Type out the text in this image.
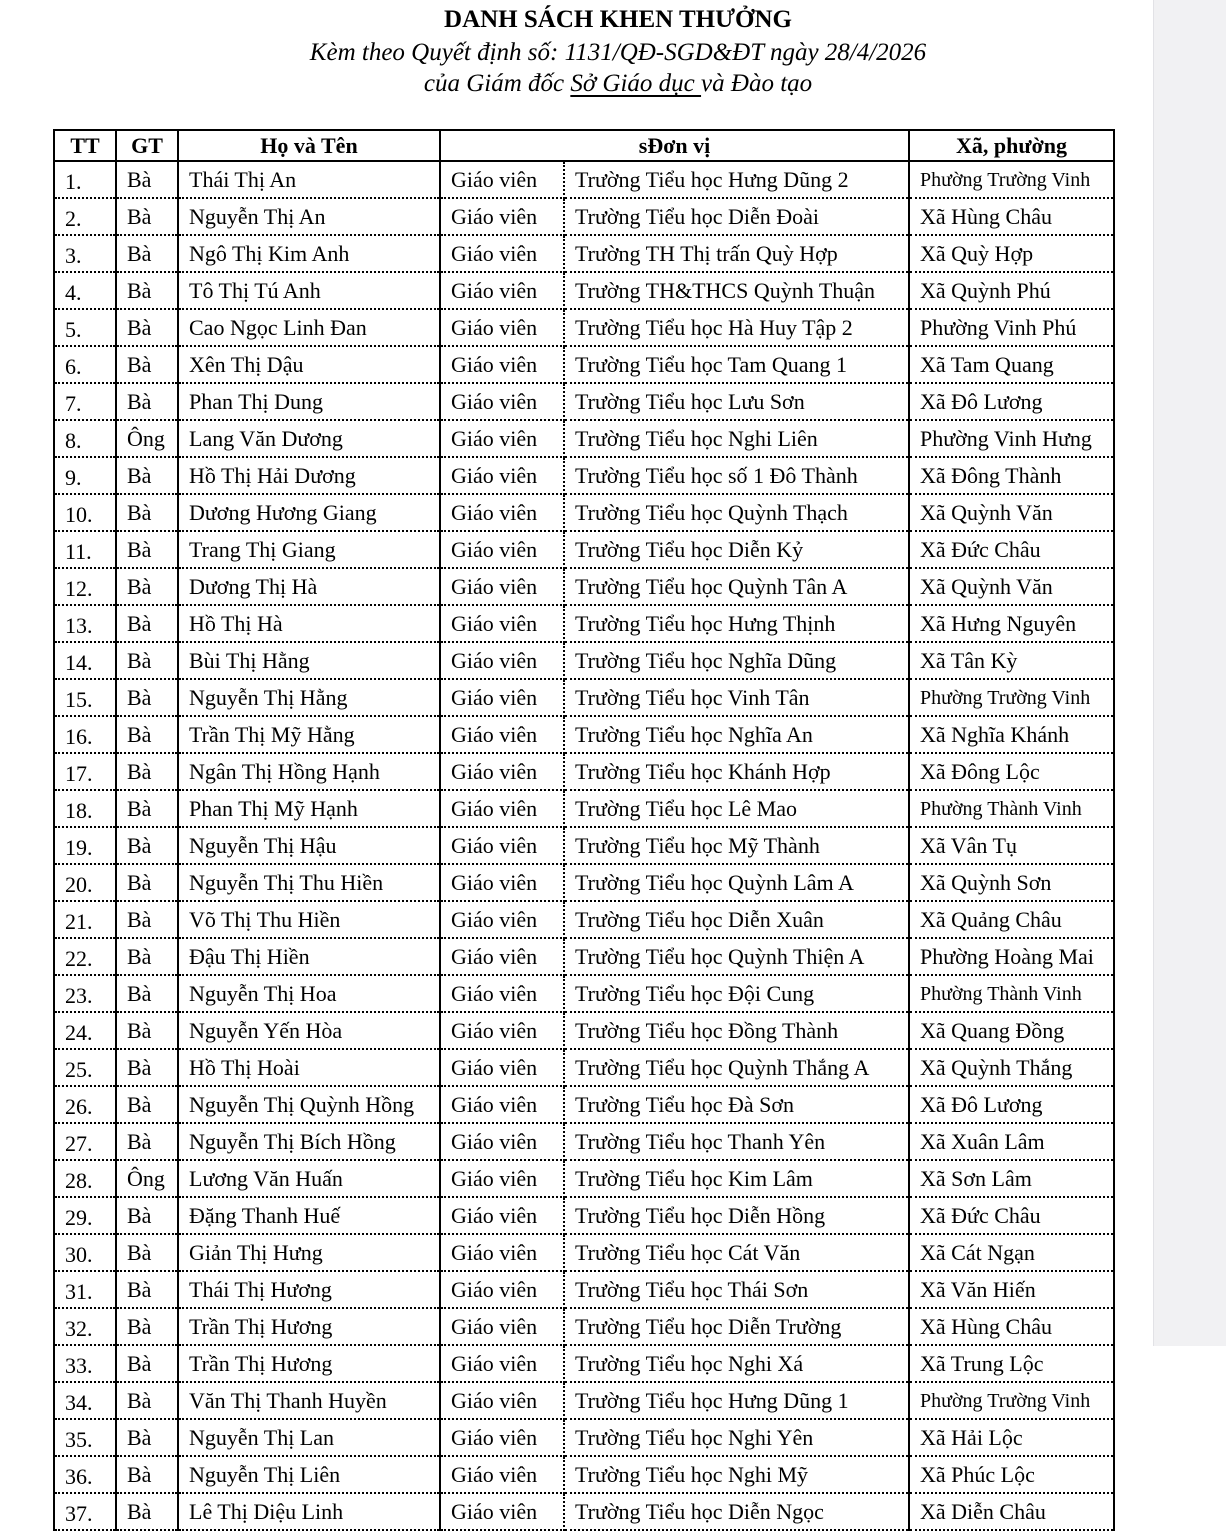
DANH SÁCH KHEN THƯỞNG
Kèm theo Quyết định số: 1131/QĐ-SGD&ĐT ngày 28/4/2026
của Giám đốc Sở Giáo dục và Đào tạo
TT	GT	Họ và Tên	sĐơn vị		Xã, phường
1.	Bà	Thái Thị An	Giáo viên	Trường Tiểu học Hưng Dũng 2	Phường Trường Vinh
2.	Bà	Nguyễn Thị An	Giáo viên	Trường Tiểu học Diễn Đoài	Xã Hùng Châu
3.	Bà	Ngô Thị Kim Anh	Giáo viên	Trường TH Thị trấn Quỳ Hợp	Xã Quỳ Hợp
4.	Bà	Tô Thị Tú Anh	Giáo viên	Trường TH&THCS Quỳnh Thuận	Xã Quỳnh Phú
5.	Bà	Cao Ngọc Linh Đan	Giáo viên	Trường Tiểu học Hà Huy Tập 2	Phường Vinh Phú
6.	Bà	Xên Thị Dậu	Giáo viên	Trường Tiểu học Tam Quang 1	Xã Tam Quang
7.	Bà	Phan Thị Dung	Giáo viên	Trường Tiểu học Lưu Sơn	Xã Đô Lương
8.	Ông	Lang Văn Dương	Giáo viên	Trường Tiểu học Nghi Liên	Phường Vinh Hưng
9.	Bà	Hồ Thị Hải Dương	Giáo viên	Trường Tiểu học số 1 Đô Thành	Xã Đông Thành
10.	Bà	Dương Hương Giang	Giáo viên	Trường Tiểu học Quỳnh Thạch	Xã Quỳnh Văn
11.	Bà	Trang Thị Giang	Giáo viên	Trường Tiểu học Diễn Kỷ	Xã Đức Châu
12.	Bà	Dương Thị Hà	Giáo viên	Trường Tiểu học Quỳnh Tân A	Xã Quỳnh Văn
13.	Bà	Hồ Thị Hà	Giáo viên	Trường Tiểu học Hưng Thịnh	Xã Hưng Nguyên
14.	Bà	Bùi Thị Hằng	Giáo viên	Trường Tiểu học Nghĩa Dũng	Xã Tân Kỳ
15.	Bà	Nguyễn Thị Hằng	Giáo viên	Trường Tiểu học Vinh Tân	Phường Trường Vinh
16.	Bà	Trần Thị Mỹ Hằng	Giáo viên	Trường Tiểu học Nghĩa An	Xã Nghĩa Khánh
17.	Bà	Ngân Thị Hồng Hạnh	Giáo viên	Trường Tiểu học Khánh Hợp	Xã Đông Lộc
18.	Bà	Phan Thị Mỹ Hạnh	Giáo viên	Trường Tiểu học Lê Mao	Phường Thành Vinh
19.	Bà	Nguyễn Thị Hậu	Giáo viên	Trường Tiểu học Mỹ Thành	Xã Vân Tụ
20.	Bà	Nguyễn Thị Thu Hiền	Giáo viên	Trường Tiểu học Quỳnh Lâm A	Xã Quỳnh Sơn
21.	Bà	Võ Thị Thu Hiền	Giáo viên	Trường Tiểu học Diễn Xuân	Xã Quảng Châu
22.	Bà	Đậu Thị Hiền	Giáo viên	Trường Tiểu học Quỳnh Thiện A	Phường Hoàng Mai
23.	Bà	Nguyễn Thị Hoa	Giáo viên	Trường Tiểu học Đội Cung	Phường Thành Vinh
24.	Bà	Nguyễn Yến Hòa	Giáo viên	Trường Tiểu học Đồng Thành	Xã Quang Đồng
25.	Bà	Hồ Thị Hoài	Giáo viên	Trường Tiểu học Quỳnh Thắng A	Xã Quỳnh Thắng
26.	Bà	Nguyễn Thị Quỳnh Hồng	Giáo viên	Trường Tiểu học Đà Sơn	Xã Đô Lương
27.	Bà	Nguyễn Thị Bích Hồng	Giáo viên	Trường Tiểu học Thanh Yên	Xã Xuân Lâm
28.	Ông	Lương Văn Huấn	Giáo viên	Trường Tiểu học Kim Lâm	Xã Sơn Lâm
29.	Bà	Đặng Thanh Huế	Giáo viên	Trường Tiểu học Diễn Hồng	Xã Đức Châu
30.	Bà	Giản Thị Hưng	Giáo viên	Trường Tiểu học Cát Văn	Xã Cát Ngạn
31.	Bà	Thái Thị Hương	Giáo viên	Trường Tiểu học Thái Sơn	Xã Văn Hiến
32.	Bà	Trần Thị Hương	Giáo viên	Trường Tiểu học Diễn Trường	Xã Hùng Châu
33.	Bà	Trần Thị Hương	Giáo viên	Trường Tiểu học Nghi Xá	Xã Trung Lộc
34.	Bà	Văn Thị Thanh Huyền	Giáo viên	Trường Tiểu học Hưng Dũng 1	Phường Trường Vinh
35.	Bà	Nguyễn Thị Lan	Giáo viên	Trường Tiểu học Nghi Yên	Xã Hải Lộc
36.	Bà	Nguyễn Thị Liên	Giáo viên	Trường Tiểu học Nghi Mỹ	Xã Phúc Lộc
37.	Bà	Lê Thị Diệu Linh	Giáo viên	Trường Tiểu học Diễn Ngọc	Xã Diễn Châu
